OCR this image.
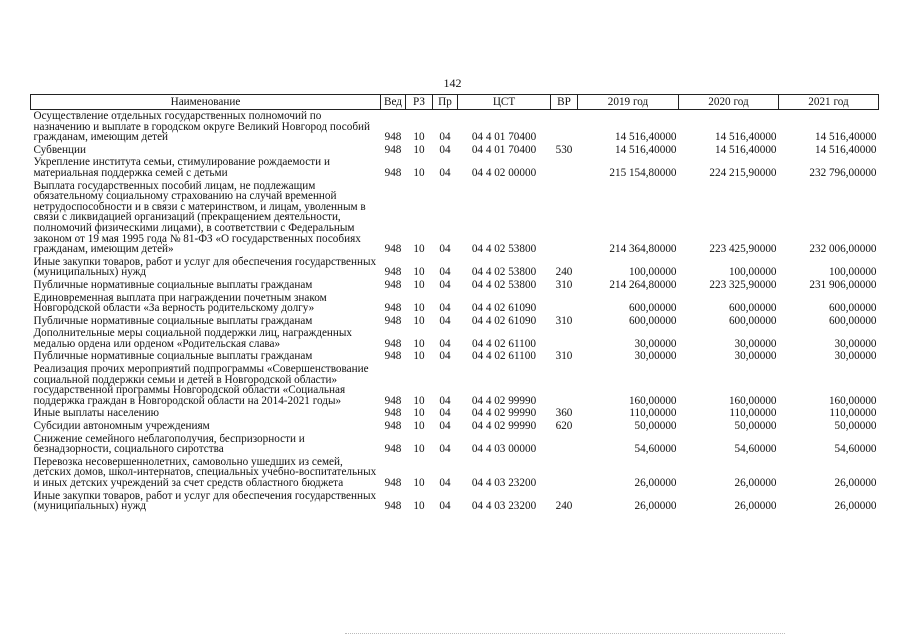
142
Наименование	Вед	РЗ	Пр	ЦСТ	ВР	2019 год	2020 год	2021 год
Осуществление отдельных государственных полномочий по назначению и выплате в городском округе Великий Новгород пособий гражданам, имеющим детей	948	10	04	04 4 01 70400		14 516,40000	14 516,40000	14 516,40000
Субвенции	948	10	04	04 4 01 70400	530	14 516,40000	14 516,40000	14 516,40000
Укрепление института семьи, стимулирование рождаемости и материальная поддержка семей с детьми	948	10	04	04 4 02 00000		215 154,80000	224 215,90000	232 796,00000
Выплата государственных пособий лицам, не подлежащим обязательному социальному страхованию на случай временной нетрудоспособности и в связи с материнством, и лицам, уволенным в связи с ликвидацией организаций (прекращением деятельности, полномочий физическими лицами), в соответствии с Федеральным законом от 19 мая 1995 года № 81-ФЗ «О государственных пособиях гражданам, имеющим детей»	948	10	04	04 4 02 53800		214 364,80000	223 425,90000	232 006,00000
Иные закупки товаров, работ и услуг для обеспечения государственных (муниципальных) нужд	948	10	04	04 4 02 53800	240	100,00000	100,00000	100,00000
Публичные нормативные социальные выплаты гражданам	948	10	04	04 4 02 53800	310	214 264,80000	223 325,90000	231 906,00000
Единовременная выплата при награждении почетным знаком Новгородской области «За верность родительскому долгу»	948	10	04	04 4 02 61090		600,00000	600,00000	600,00000
Публичные нормативные социальные выплаты гражданам	948	10	04	04 4 02 61090	310	600,00000	600,00000	600,00000
Дополнительные меры социальной поддержки лиц, награжденных медалью ордена или орденом «Родительская слава»	948	10	04	04 4 02 61100		30,00000	30,00000	30,00000
Публичные нормативные социальные выплаты гражданам	948	10	04	04 4 02 61100	310	30,00000	30,00000	30,00000
Реализация прочих мероприятий подпрограммы «Совершенствование социальной поддержки семьи и детей в Новгородской области» государственной программы Новгородской области «Социальная поддержка граждан в Новгородской области на 2014-2021 годы»	948	10	04	04 4 02 99990		160,00000	160,00000	160,00000
Иные выплаты населению	948	10	04	04 4 02 99990	360	110,00000	110,00000	110,00000
Субсидии автономным учреждениям	948	10	04	04 4 02 99990	620	50,00000	50,00000	50,00000
Снижение семейного неблагополучия, беспризорности и безнадзорности, социального сиротства	948	10	04	04 4 03 00000		54,60000	54,60000	54,60000
Перевозка несовершеннолетних, самовольно ушедших из семей, детских домов, школ-интернатов, специальных учебно-воспитательных и иных детских учреждений за счет средств областного бюджета	948	10	04	04 4 03 23200		26,00000	26,00000	26,00000
Иные закупки товаров, работ и услуг для обеспечения государственных (муниципальных) нужд	948	10	04	04 4 03 23200	240	26,00000	26,00000	26,00000
